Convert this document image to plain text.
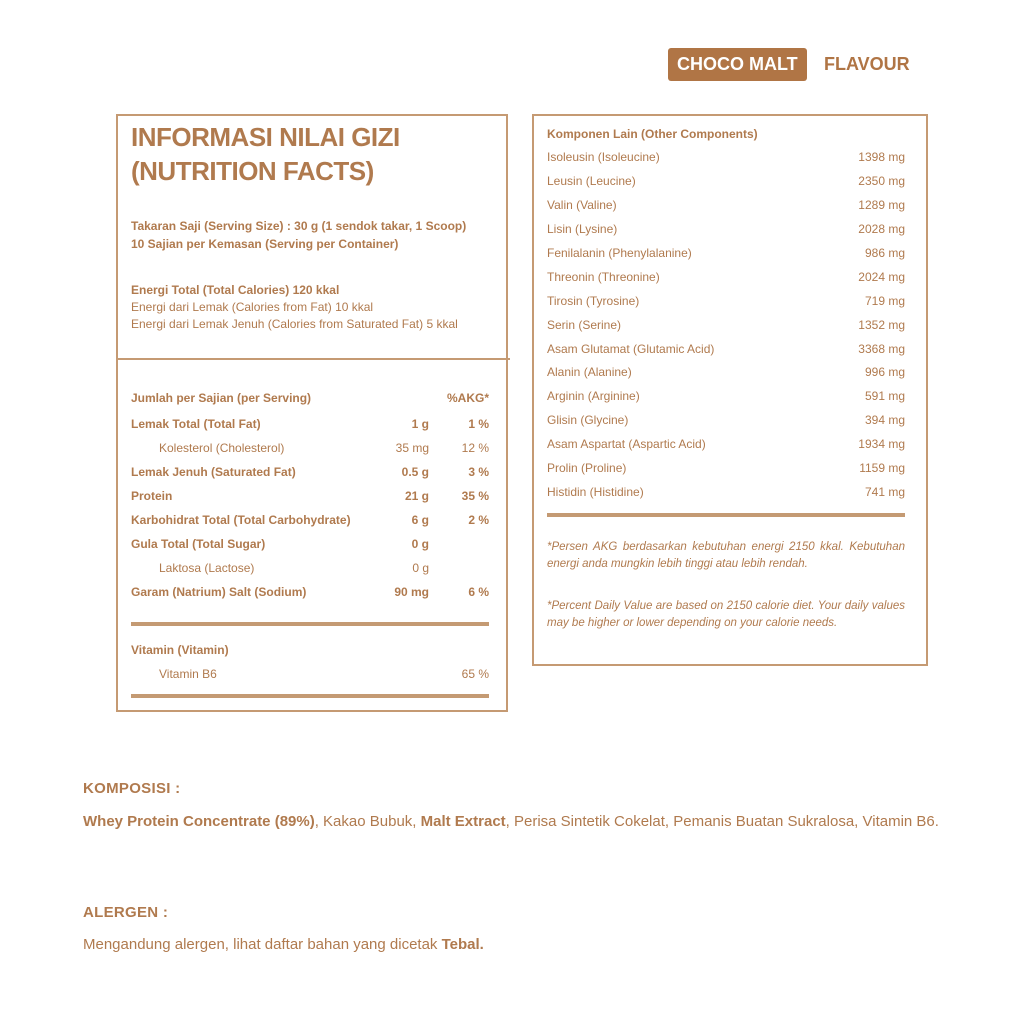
CHOCO MALT	FLAVOUR
INFORMASI NILAI GIZI
(NUTRITION FACTS)
Takaran Saji (Serving Size) : 30 g (1 sendok takar, 1 Scoop)
10 Sajian per Kemasan (Serving per Container)
Energi Total (Total Calories) 120 kkal
Energi dari Lemak (Calories from Fat) 10 kkal
Energi dari Lemak Jenuh (Calories from Saturated Fat) 5 kkal
Jumlah per Sajian (per Serving)	%AKG*
Lemak Total (Total Fat)	1 g	1 %
Kolesterol (Cholesterol)	35 mg	12 %
Lemak Jenuh (Saturated Fat)	0.5 g	3 %
Protein	21 g	35 %
Karbohidrat Total (Total Carbohydrate)	6 g	2 %
Gula Total (Total Sugar)	0 g
Laktosa (Lactose)	0 g
Garam (Natrium) Salt (Sodium)	90 mg	6 %
Vitamin (Vitamin)
Vitamin B6	65 %
Komponen Lain (Other Components)
Isoleusin (Isoleucine)	1398 mg
Leusin (Leucine)	2350 mg
Valin (Valine)	1289 mg
Lisin (Lysine)	2028 mg
Fenilalanin (Phenylalanine)	986 mg
Threonin (Threonine)	2024 mg
Tirosin (Tyrosine)	719 mg
Serin (Serine)	1352 mg
Asam Glutamat (Glutamic Acid)	3368 mg
Alanin (Alanine)	996 mg
Arginin (Arginine)	591 mg
Glisin (Glycine)	394 mg
Asam Aspartat (Aspartic Acid)	1934 mg
Prolin (Proline)	1159 mg
Histidin (Histidine)	741 mg
*Persen AKG berdasarkan kebutuhan energi 2150 kkal. Kebutuhan energi anda mungkin lebih tinggi atau lebih rendah.
*Percent Daily Value are based on 2150 calorie diet. Your daily values may be higher or lower depending on your calorie needs.
KOMPOSISI :
Whey Protein Concentrate (89%), Kakao Bubuk, Malt Extract, Perisa Sintetik Cokelat, Pemanis Buatan Sukralosa, Vitamin B6.
ALERGEN :
Mengandung alergen, lihat daftar bahan yang dicetak Tebal.
